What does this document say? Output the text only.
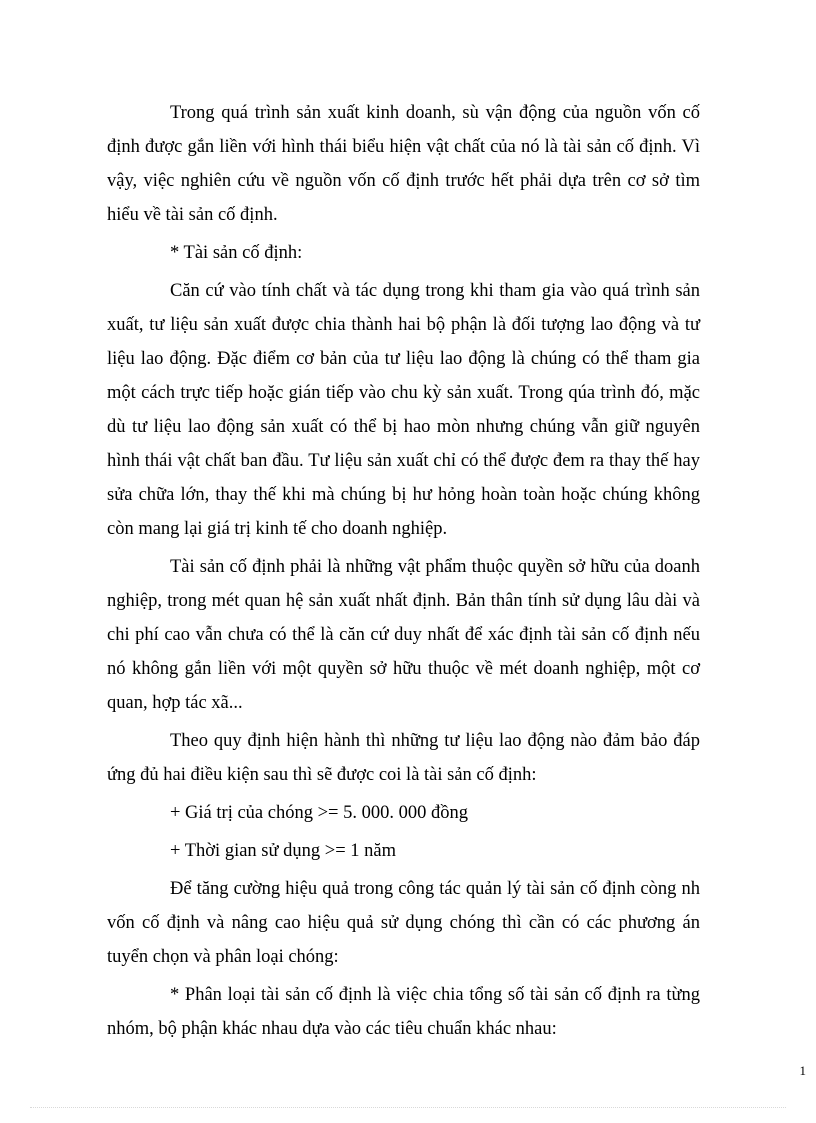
Trong quá trình sản xuất kinh doanh, sù vận động của nguồn vốn cố định được gắn liền với hình thái biểu hiện vật chất của nó là tài sản cố định. Vì vậy, việc nghiên cứu về nguồn vốn cố định trước hết phải dựa trên cơ sở tìm hiểu về tài sản cố định.

* Tài sản cố định:

Căn cứ vào tính chất và tác dụng trong khi tham gia vào quá trình sản xuất, tư liệu sản xuất được chia thành hai bộ phận là đối tượng lao động và tư liệu lao động. Đặc điểm cơ bản của tư liệu lao động là chúng có thể tham gia một cách trực tiếp hoặc gián tiếp vào chu kỳ sản xuất. Trong qúa trình đó, mặc dù tư liệu lao động sản xuất có thể bị hao mòn nhưng chúng vẫn giữ nguyên hình thái vật chất ban đầu. Tư liệu sản xuất chỉ có thể được đem ra thay thế hay sửa chữa lớn, thay thế khi mà chúng bị hư hỏng hoàn toàn hoặc chúng không còn mang lại giá trị kinh tế cho doanh nghiệp.

Tài sản cố định phải là những vật phẩm thuộc quyền sở hữu của doanh nghiệp, trong mét quan hệ sản xuất nhất định. Bản thân tính sử dụng lâu dài và chi phí cao vẫn chưa có thể là căn cứ duy nhất để xác định tài sản cố định nếu nó không gắn liền với một quyền sở hữu thuộc về mét doanh nghiệp, một cơ quan, hợp tác xã...

Theo quy định hiện hành thì những tư liệu lao động nào đảm bảo đáp ứng đủ hai điều kiện sau thì sẽ được coi là tài sản cố định:

+ Giá trị của chóng >= 5. 000. 000 đồng

+ Thời gian sử dụng >= 1 năm

Để tăng cường hiệu quả trong công tác quản lý tài sản cố định còng nh vốn cố định và nâng cao hiệu quả sử dụng chóng thì cần có các phương án tuyển chọn và phân loại chóng:

* Phân loại tài sản cố định là việc chia tổng số tài sản cố định ra từng nhóm, bộ phận khác nhau dựa vào các tiêu chuẩn khác nhau:

1
